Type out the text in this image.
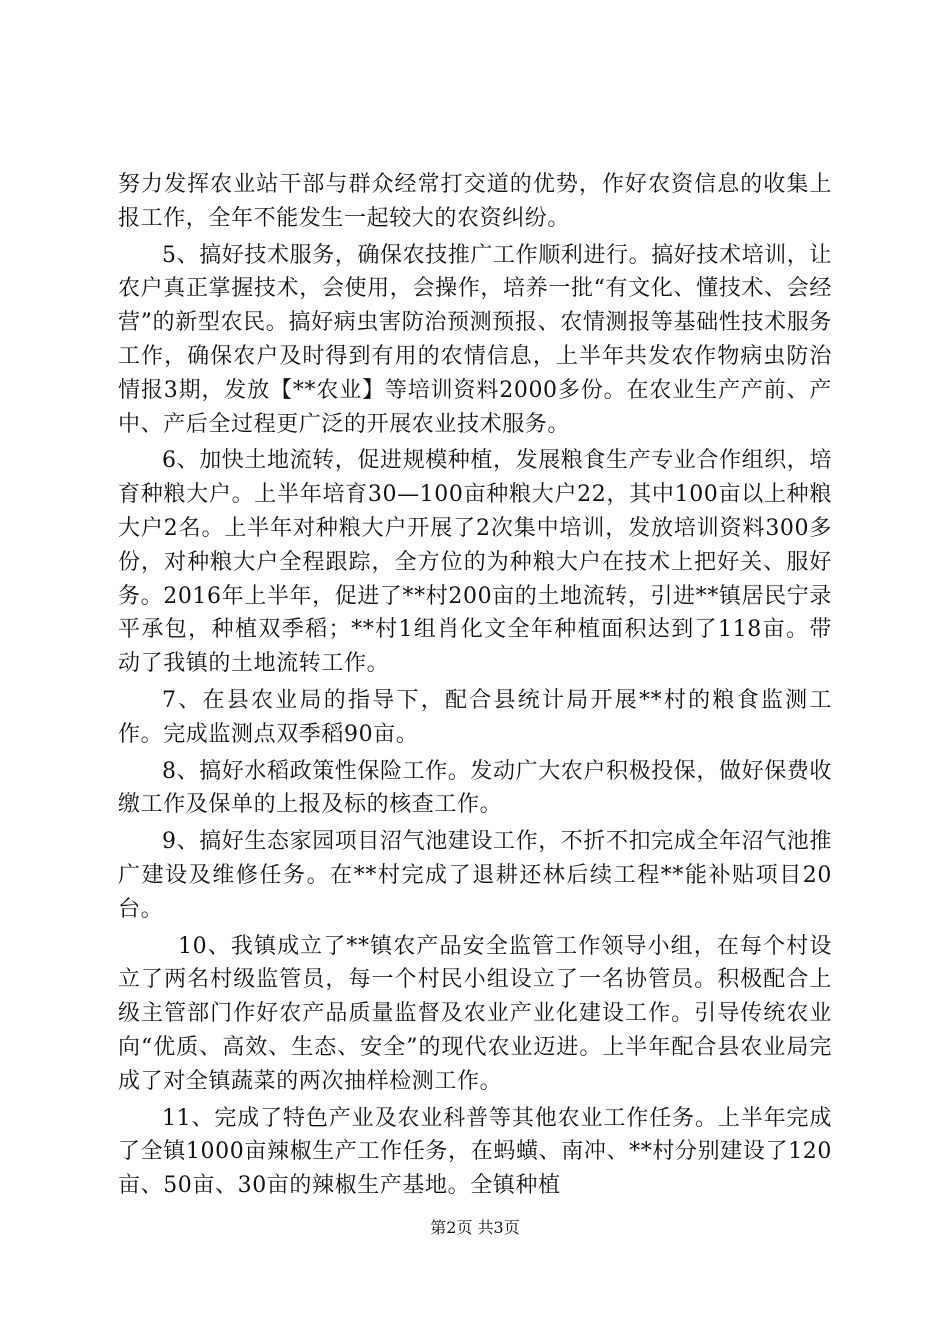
努力发挥农业站干部与群众经常打交道的优势，作好农资信息的收集上报工作，全年不能发生一起较大的农资纠纷。

5、搞好技术服务，确保农技推广工作顺利进行。搞好技术培训，让农户真正掌握技术，会使用，会操作，培养一批“有文化、懂技术、会经营”的新型农民。搞好病虫害防治预测预报、农情测报等基础性技术服务工作，确保农户及时得到有用的农情信息，上半年共发农作物病虫防治情报3期，发放【**农业】等培训资料2000多份。在农业生产产前、产中、产后全过程更广泛的开展农业技术服务。

6、加快土地流转，促进规模种植，发展粮食生产专业合作组织，培育种粮大户。上半年培育30—100亩种粮大户22，其中100亩以上种粮大户2名。上半年对种粮大户开展了2次集中培训，发放培训资料300多份，对种粮大户全程跟踪，全方位的为种粮大户在技术上把好关、服好务。2016年上半年，促进了**村200亩的土地流转，引进**镇居民宁录平承包，种植双季稻；**村1组肖化文全年种植面积达到了118亩。带动了我镇的土地流转工作。

7、在县农业局的指导下，配合县统计局开展**村的粮食监测工作。完成监测点双季稻90亩。

8、搞好水稻政策性保险工作。发动广大农户积极投保，做好保费收缴工作及保单的上报及标的核查工作。

9、搞好生态家园项目沼气池建设工作，不折不扣完成全年沼气池推广建设及维修任务。在**村完成了退耕还林后续工程**能补贴项目20台。

10、我镇成立了**镇农产品安全监管工作领导小组，在每个村设立了两名村级监管员，每一个村民小组设立了一名协管员。积极配合上级主管部门作好农产品质量监督及农业产业化建设工作。引导传统农业向“优质、高效、生态、安全”的现代农业迈进。上半年配合县农业局完成了对全镇蔬菜的两次抽样检测工作。

11、完成了特色产业及农业科普等其他农业工作任务。上半年完成了全镇1000亩辣椒生产工作任务，在蚂蟥、南冲、**村分别建设了120亩、50亩、30亩的辣椒生产基地。全镇种植

第2页 共3页
